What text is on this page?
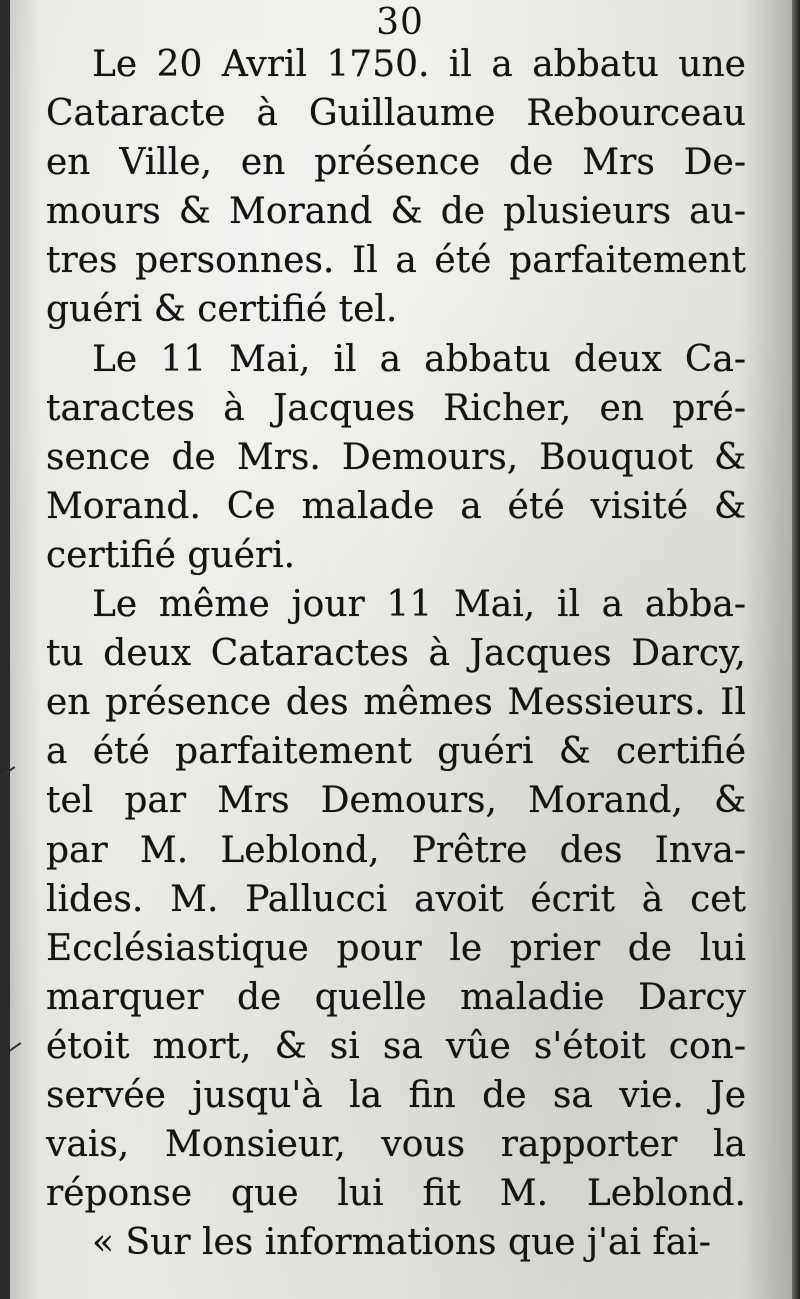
30
Le 20 Avril 1750. il a abbatu une
Cataracte à Guillaume Rebourceau
en Ville, en présence de Mrs De-
mours & Morand & de plusieurs au-
tres personnes. Il a été parfaitement
guéri & certifié tel.
Le 11 Mai, il a abbatu deux Ca-
taractes à Jacques Richer, en pré-
sence de Mrs. Demours, Bouquot &
Morand. Ce malade a été visité &
certifié guéri.
Le même jour 11 Mai, il a abba-
tu deux Cataractes à Jacques Darcy,
en présence des mêmes Messieurs. Il
a été parfaitement guéri & certifié
tel par Mrs Demours, Morand, &
par M. Leblond, Prêtre des Inva-
lides. M. Pallucci avoit écrit à cet
Ecclésiastique pour le prier de lui
marquer de quelle maladie Darcy
étoit mort, & si sa vûe s'étoit con-
servée jusqu'à la fin de sa vie. Je
vais, Monsieur, vous rapporter la
réponse que lui fit M. Leblond.
« Sur les informations que j'ai fai-
